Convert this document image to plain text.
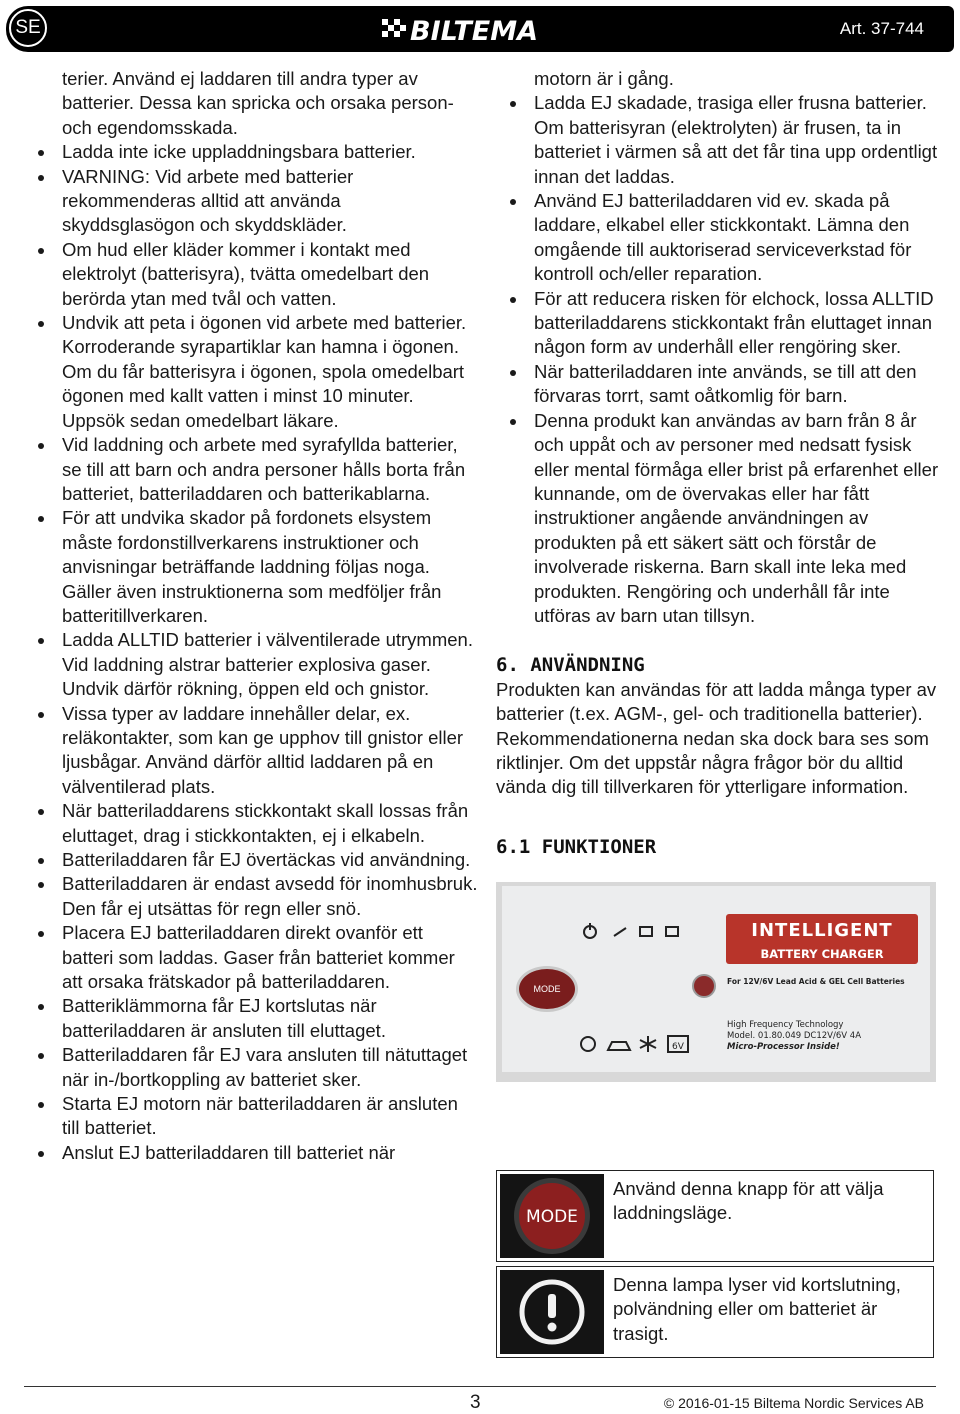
SE	BILTEMA	Art. 37-744
terier. Använd ej laddaren till andra typer av batterier. Dessa kan spricka och orsaka person- och egendomsskada.
Ladda inte icke uppladdningsbara batterier.
VARNING: Vid arbete med batterier rekommenderas alltid att använda skyddsglasögon och skyddskläder.
Om hud eller kläder kommer i kontakt med elektrolyt (batterisyra), tvätta omedelbart den berörda ytan med tvål och vatten.
Undvik att peta i ögonen vid arbete med batterier. Korroderande syrapartiklar kan hamna i ögonen. Om du får batterisyra i ögonen, spola omedelbart ögonen med kallt vatten i minst 10 minuter. Uppsök sedan omedelbart läkare.
Vid laddning och arbete med syrafyllda batterier, se till att barn och andra personer hålls borta från batteriet, batteriladdaren och batterikablarna.
För att undvika skador på fordonets elsystem måste fordonstillverkarens instruktioner och anvisningar beträffande laddning följas noga. Gäller även instruktionerna som medföljer från batteritillverkaren.
Ladda ALLTID batterier i välventilerade utrymmen. Vid laddning alstrar batterier explosiva gaser. Undvik därför rökning, öppen eld och gnistor.
Vissa typer av laddare innehåller delar, ex. reläkontakter, som kan ge upphov till gnistor eller ljusbågar. Använd därför alltid laddaren på en välventilerad plats.
När batteriladdarens stickkontakt skall lossas från eluttaget, drag i stickkontakten, ej i elkabeln.
Batteriladdaren får EJ övertäckas vid användning.
Batteriladdaren är endast avsedd för inomhusbruk. Den får ej utsättas för regn eller snö.
Placera EJ batteriladdaren direkt ovanför ett batteri som laddas. Gaser från batteriet kommer att orsaka frätskador på batteriladdaren.
Batteriklämmorna får EJ kortslutas när batteriladdaren är ansluten till eluttaget.
Batteriladdaren får EJ vara ansluten till nätuttaget när in-/bortkoppling av batteriet sker.
Starta EJ motorn när batteriladdaren är ansluten till batteriet.
Anslut EJ batteriladdaren till batteriet när
motorn är i gång.
Ladda EJ skadade, trasiga eller frusna batterier. Om batterisyran (elektrolyten) är frusen, ta in batteriet i värmen så att det får tina upp ordentligt innan det laddas.
Använd EJ batteriladdaren vid ev. skada på laddare, elkabel eller stickkontakt. Lämna den omgående till auktoriserad serviceverkstad för kontroll och/eller reparation.
För att reducera risken för elchock, lossa ALLTID batteriladdarens stickkontakt från eluttaget innan någon form av underhåll eller rengöring sker.
När batteriladdaren inte används, se till att den förvaras torrt, samt oåtkomlig för barn.
Denna produkt kan användas av barn från 8 år och uppåt och av personer med nedsatt fysisk eller mental förmåga eller brist på erfarenhet eller kunnande, om de övervakas eller har fått instruktioner angående användningen av produkten på ett säkert sätt och förstår de involverade riskerna. Barn skall inte leka med produkten. Rengöring och underhåll får inte utföras av barn utan tillsyn.
6. ANVÄNDNING

Produkten kan användas för att ladda många typer av batterier (t.ex. AGM-, gel- och traditionella batterier). Rekommendationerna nedan ska dock bara ses som riktlinjer. Om det uppstår några frågor bör du alltid vända dig till tillverkaren för ytterligare information.

6.1 FUNKTIONER
MODE
6V
INTELLIGENT
BATTERY CHARGER
For 12V/6V Lead Acid & GEL Cell Batteries
High Frequency Technology
Model. 01.80.049 DC12V/6V 4A
Micro-Processor Inside!
MODE
Använd denna knapp för att välja laddningsläge.
Denna lampa lyser vid kortslutning, polvändning eller om batteriet är trasigt.
3	© 2016-01-15 Biltema Nordic Services AB
